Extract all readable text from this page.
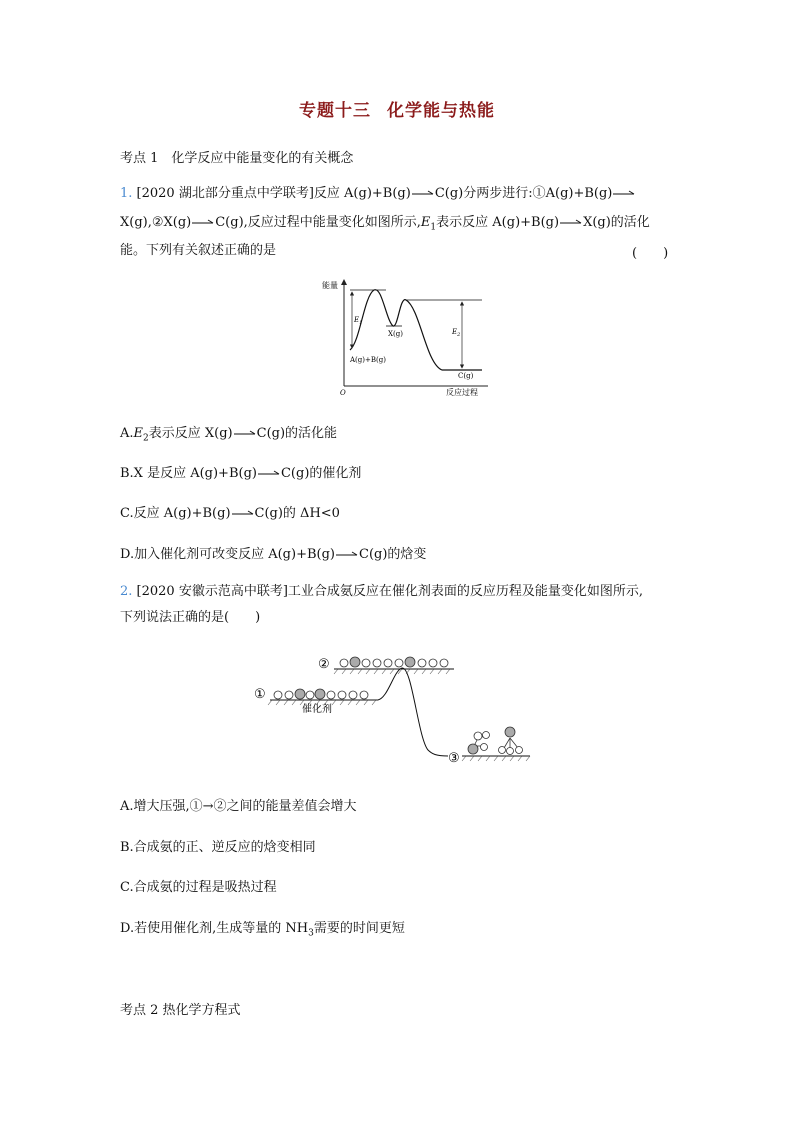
专题十三 化学能与热能
考点 1　化学反应中能量变化的有关概念
1. [2020 湖北部分重点中学联考]反应 A(g)+B(g)→C(g)分两步进行:①A(g)+B(g)→
X(g),②X(g)→C(g),反应过程中能量变化如图所示$,E_1$表示反应 A(g)+B(g)→X(g)的活化
能。下列有关叙述正确的是	(　　)
能量
O	反应过程
$E_1$
$E_2$
X(g)
A(g)+B(g)
C(g)
$A.E_2$表示反应 X(g)→C(g)的活化能
B.X 是反应 A(g)+B(g)→C(g)的催化剂
C.反应 A(g)+B(g)→C(g)的 ΔH<0
D.加入催化剂可改变反应 A(g)+B(g)→C(g)的焓变
2. [2020 安徽示范高中联考]工业合成氨反应在催化剂表面的反应历程及能量变化如图所示,
下列说法正确的是(　　)
①
催化剂
②
③
A.增大压强,①→②之间的能量差值会增大
B.合成氨的正、逆反应的焓变相同
C.合成氨的过程是吸热过程
D.若使用催化剂,生成等量的 $NH_3$需要的时间更短
考点 2 热化学方程式
